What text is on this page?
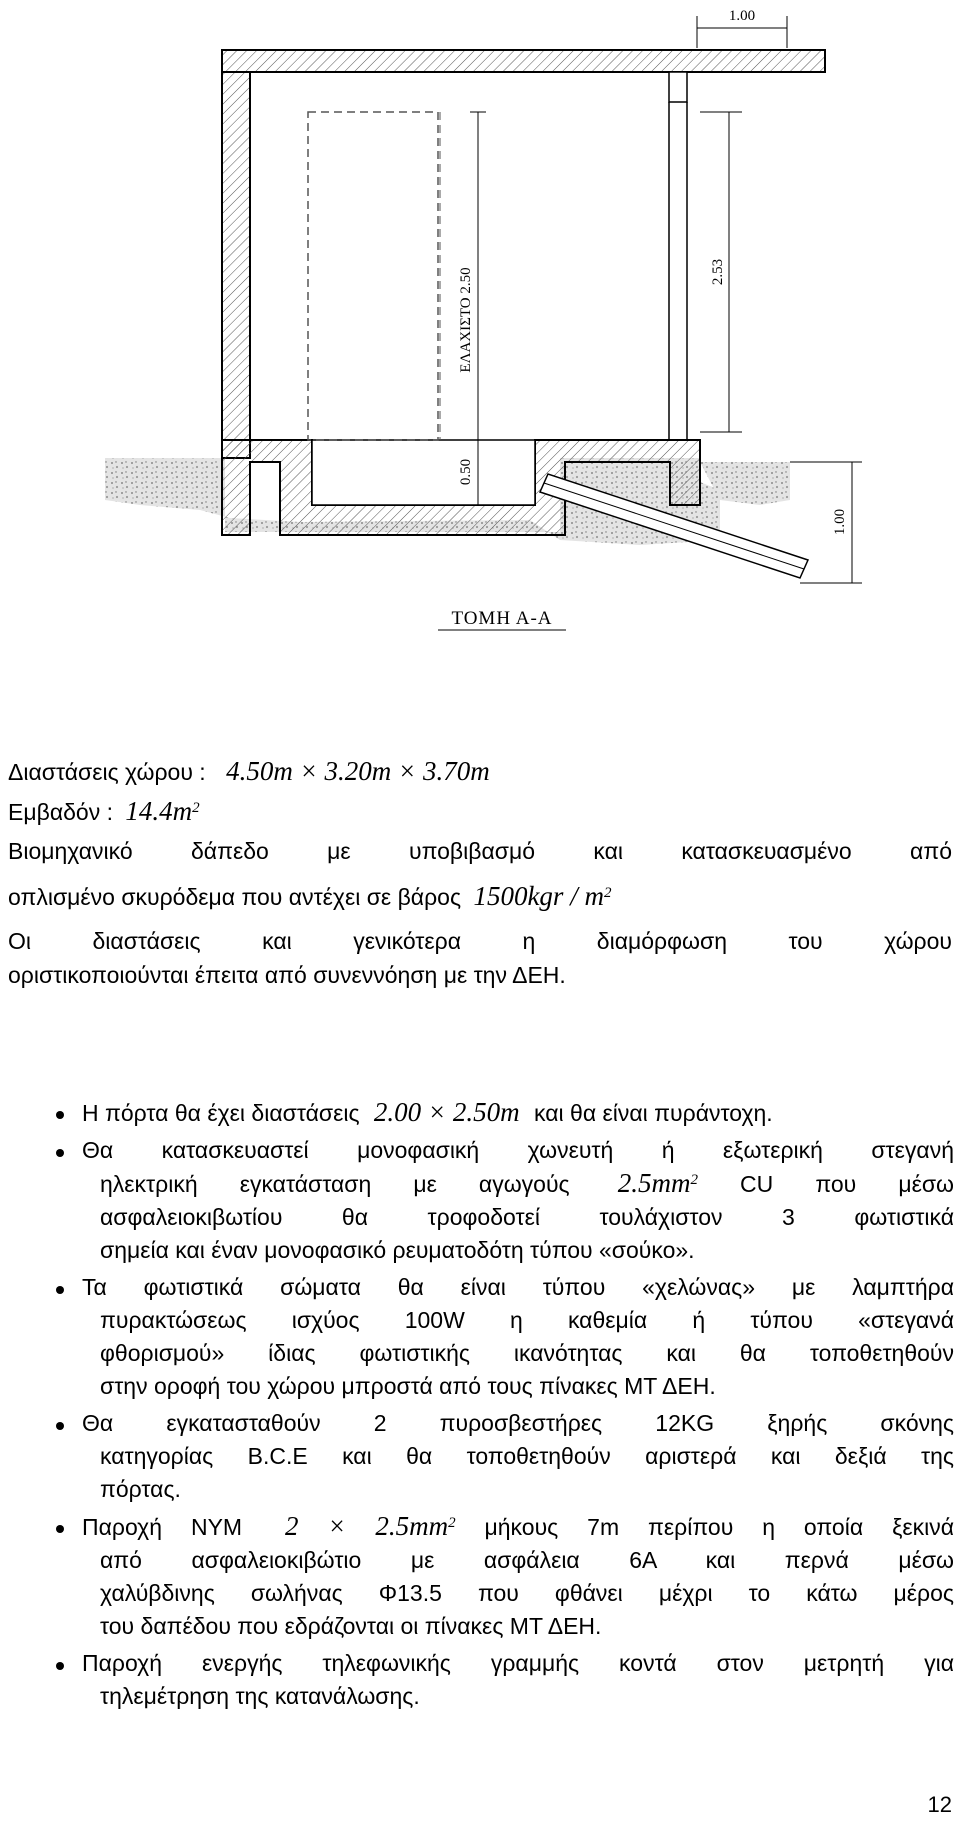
1.00
ΕΛΑΧΙΣΤΟ 2.50
0.50
2.53
1.00
ΤΟΜΗ Α-Α
Διαστάσεις χώρου : 4.50m × 3.20m × 3.70m
Εμβαδόν : $14.4m^2$
Βιομηχανικό δάπεδο με υποβιβασμό και κατασκευασμένο από
οπλισμένο σκυρόδεμα που αντέχει σε βάρος $1500kgr / m^2$
Οι διαστάσεις και γενικότερα η διαμόρφωση του χώρου
οριστικοποιούνται έπειτα από συνεννόηση με την ΔΕΗ.
Η πόρτα θα έχει διαστάσεις 2.00 × 2.50m και θα είναι πυράντοχη.
Θα κατασκευαστεί μονοφασική χωνευτή ή εξωτερική στεγανή
ηλεκτρική εγκατάσταση με αγωγούς $2.5mm^2$ CU που μέσω
ασφαλειοκιβωτίου θα τροφοδοτεί τουλάχιστον 3 φωτιστικά
σημεία και έναν μονοφασικό ρευματοδότη τύπου «σούκο».
Τα φωτιστικά σώματα θα είναι τύπου «χελώνας» με λαμπτήρα
πυρακτώσεως ισχύος 100W η καθεμία ή τύπου «στεγανά
φθορισμού» ίδιας φωτιστικής ικανότητας και θα τοποθετηθούν
στην οροφή του χώρου μπροστά από τους πίνακες ΜΤ ΔΕΗ.
Θα εγκατασταθούν 2 πυροσβεστήρες 12KG ξηρής σκόνης
κατηγορίας B.C.E και θα τοποθετηθούν αριστερά και δεξιά της
πόρτας.
Παροχή ΝΥΜ $2 \times 2.5mm^2$ μήκους 7m περίπου η οποία ξεκινά
από ασφαλειοκιβώτιο με ασφάλεια 6Α και περνά μέσω
χαλύβδινης σωλήνας Φ13.5 που φθάνει μέχρι το κάτω μέρος
του δαπέδου που εδράζονται οι πίνακες ΜΤ ΔΕΗ.
Παροχή ενεργής τηλεφωνικής γραμμής κοντά στον μετρητή για
τηλεμέτρηση της κατανάλωσης.
12
